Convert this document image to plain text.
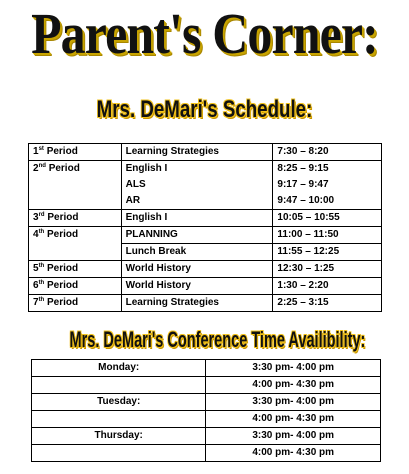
Parent's Corner:
Mrs. DeMari's Schedule:
1st Period	Learning Strategies	7:30 – 8:20
2nd Period	English I	8:25 – 9:15
	ALS	9:17 – 9:47
	AR	9:47 – 10:00
3rd Period	English I	10:05 – 10:55
4th Period	PLANNING	11:00 – 11:50
	Lunch Break	11:55 – 12:25
5th Period	World History	12:30 – 1:25
6th Period	World History	1:30 – 2:20
7th Period	Learning Strategies	2:25 – 3:15
Mrs. DeMari's Conference Time Availibility:
Monday:	3:30 pm- 4:00 pm
	4:00 pm- 4:30 pm
Tuesday:	3:30 pm- 4:00 pm
	4:00 pm- 4:30 pm
Thursday:	3:30 pm- 4:00 pm
	4:00 pm- 4:30 pm
